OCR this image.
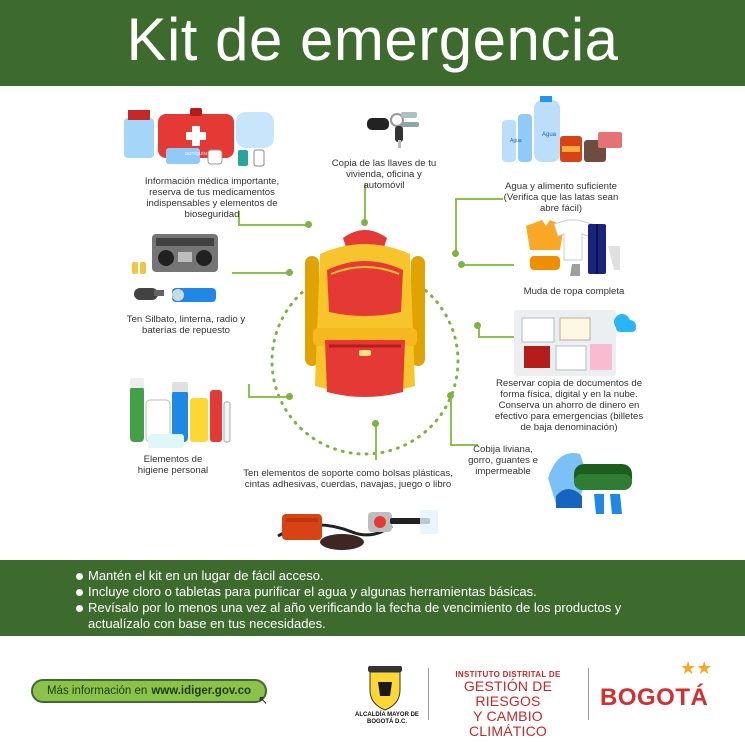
Kit de emergencia
BOTIQUÍN
Información médica importante, reserva de tus medicamentos indispensables y elementos de bioseguridad
Copia de las llaves de tu vivienda, oficina y automóvil
Agua
Agua
Agua y alimento suficiente (Verifica que las latas sean abre fácil)
Ten Silbato, linterna, radio y baterías de repuesto
Muda de ropa completa
Reservar copia de documentos de forma física, digital y en la nube. Conserva un ahorro de dinero en efectivo para emergencias (billetes de baja denominación)
Elementos de higiene personal
Cobija liviana, gorro, guantes e impermeable
Ten elementos de soporte como bolsas plásticas, cintas adhesivas, cuerdas, navajas, juego o libro
Mantén el kit en un lugar de fácil acceso.
Incluye cloro o tabletas para purificar el agua y algunas herramientas básicas.
Revísalo por lo menos una vez al año verificando la fecha de vencimiento de los productos y actualízalo con base en tus necesidades.
Más información en www.idiger.gov.co
↖
ALCALDÍA MAYOR DE BOGOTÁ D.C.
INSTITUTO DISTRITAL DE
GESTIÓN DE RIESGOS
Y CAMBIO CLIMÁTICO
BOGOTÁ
★★
